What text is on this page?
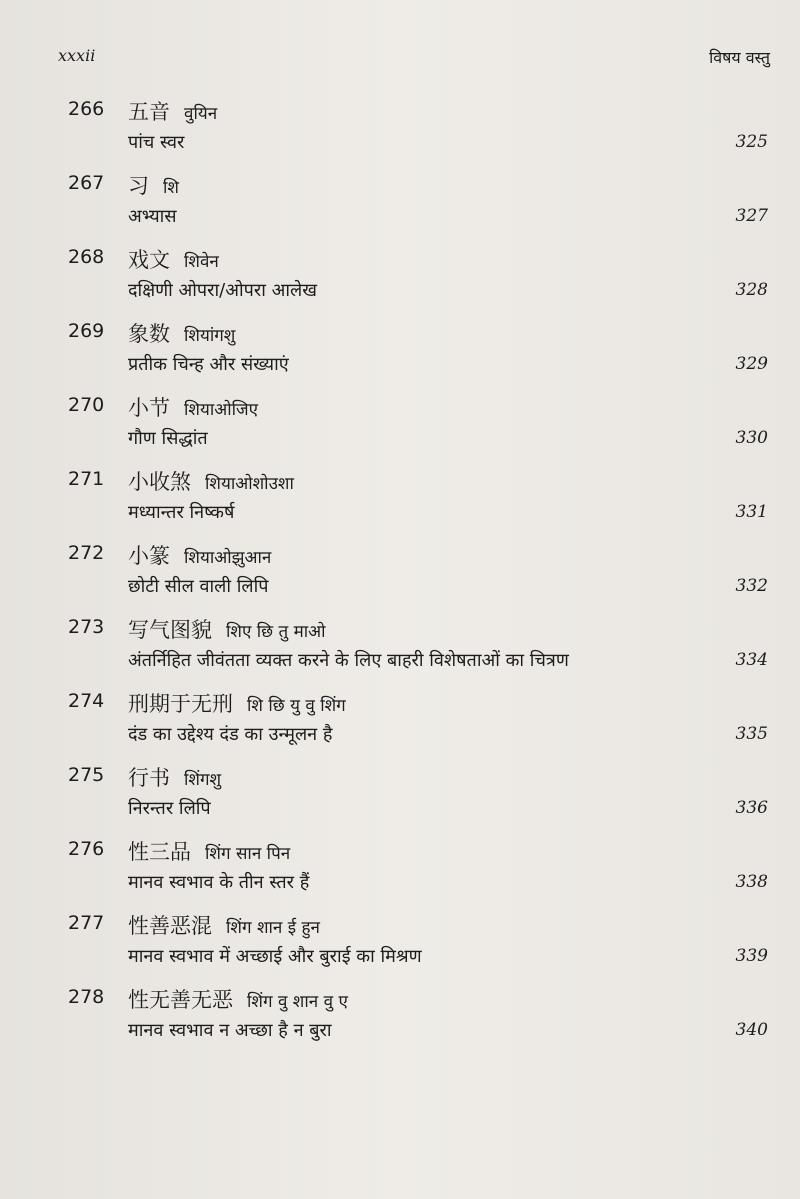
xxxii	विषय वस्तु
266 五音 वुयिन
पांच स्वर	325
267 习 शि
अभ्यास	327
268 戏文 शिवेन
दक्षिणी ओपरा/ओपरा आलेख	328
269 象数 शियांगशु
प्रतीक चिन्ह और संख्याएं	329
270 小节 शियाओजिए
गौण सिद्धांत	330
271 小收煞 शियाओशोउशा
मध्यान्तर निष्कर्ष	331
272 小篆 शियाओझुआन
छोटी सील वाली लिपि	332
273 写气图貌 शिए छि तु माओ
अंतर्निहित जीवंतता व्यक्त करने के लिए बाहरी विशेषताओं का चित्रण	334
274 刑期于无刑 शि छि यु वु शिंग
दंड का उद्देश्य दंड का उन्मूलन है	335
275 行书 शिंगशु
निरन्तर लिपि	336
276 性三品 शिंग सान पिन
मानव स्वभाव के तीन स्तर हैं	338
277 性善恶混 शिंग शान ई हुन
मानव स्वभाव में अच्छाई और बुराई का मिश्रण	339
278 性无善无恶 शिंग वु शान वु ए
मानव स्वभाव न अच्छा है न बुरा	340
